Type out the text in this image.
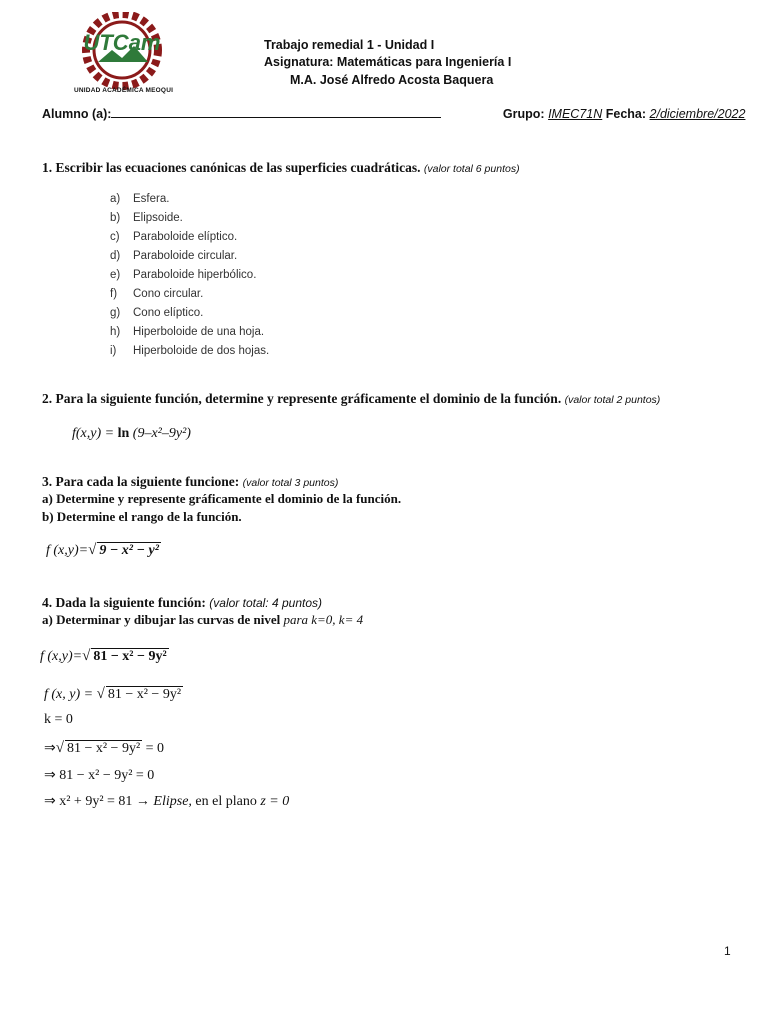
UTCam
UNIDAD ACADÉMICA MEOQUI
Trabajo remedial 1 - Unidad I
Asignatura: Matemáticas para Ingeniería I
M.A. José Alfredo Acosta Baquera
Alumno (a):	Grupo: IMEC71N Fecha: 2/diciembre/2022
1. Escribir las ecuaciones canónicas de las superficies cuadráticas. (valor total 6 puntos)
a) Esfera.
b) Elipsoide.
c) Paraboloide elíptico.
d) Paraboloide circular.
e) Paraboloide hiperbólico.
f) Cono circular.
g) Cono elíptico.
h) Hiperboloide de una hoja.
i) Hiperboloide de dos hojas.
2. Para la siguiente función, determine y represente gráficamente el dominio de la función. (valor total 2 puntos)
f(x,y) = ln (9–x²–9y²)
3. Para cada la siguiente funcione: (valor total 3 puntos)
a) Determine y represente gráficamente el dominio de la función.
b) Determine el rango de la función.
f (x,y)=√ 9 − x² − y²
4. Dada la siguiente función: (valor total: 4 puntos)
a) Determinar y dibujar las curvas de nivel para k=0, k= 4
f (x,y)=√ 81 − x² − 9y²
f (x, y) = √ 81 − x² − 9y²
k = 0
⇒√ 81 − x² − 9y² = 0
⇒ 81 − x² − 9y² = 0
⇒ x² + 9y² = 81 → Elipse, en el plano z = 0
1
